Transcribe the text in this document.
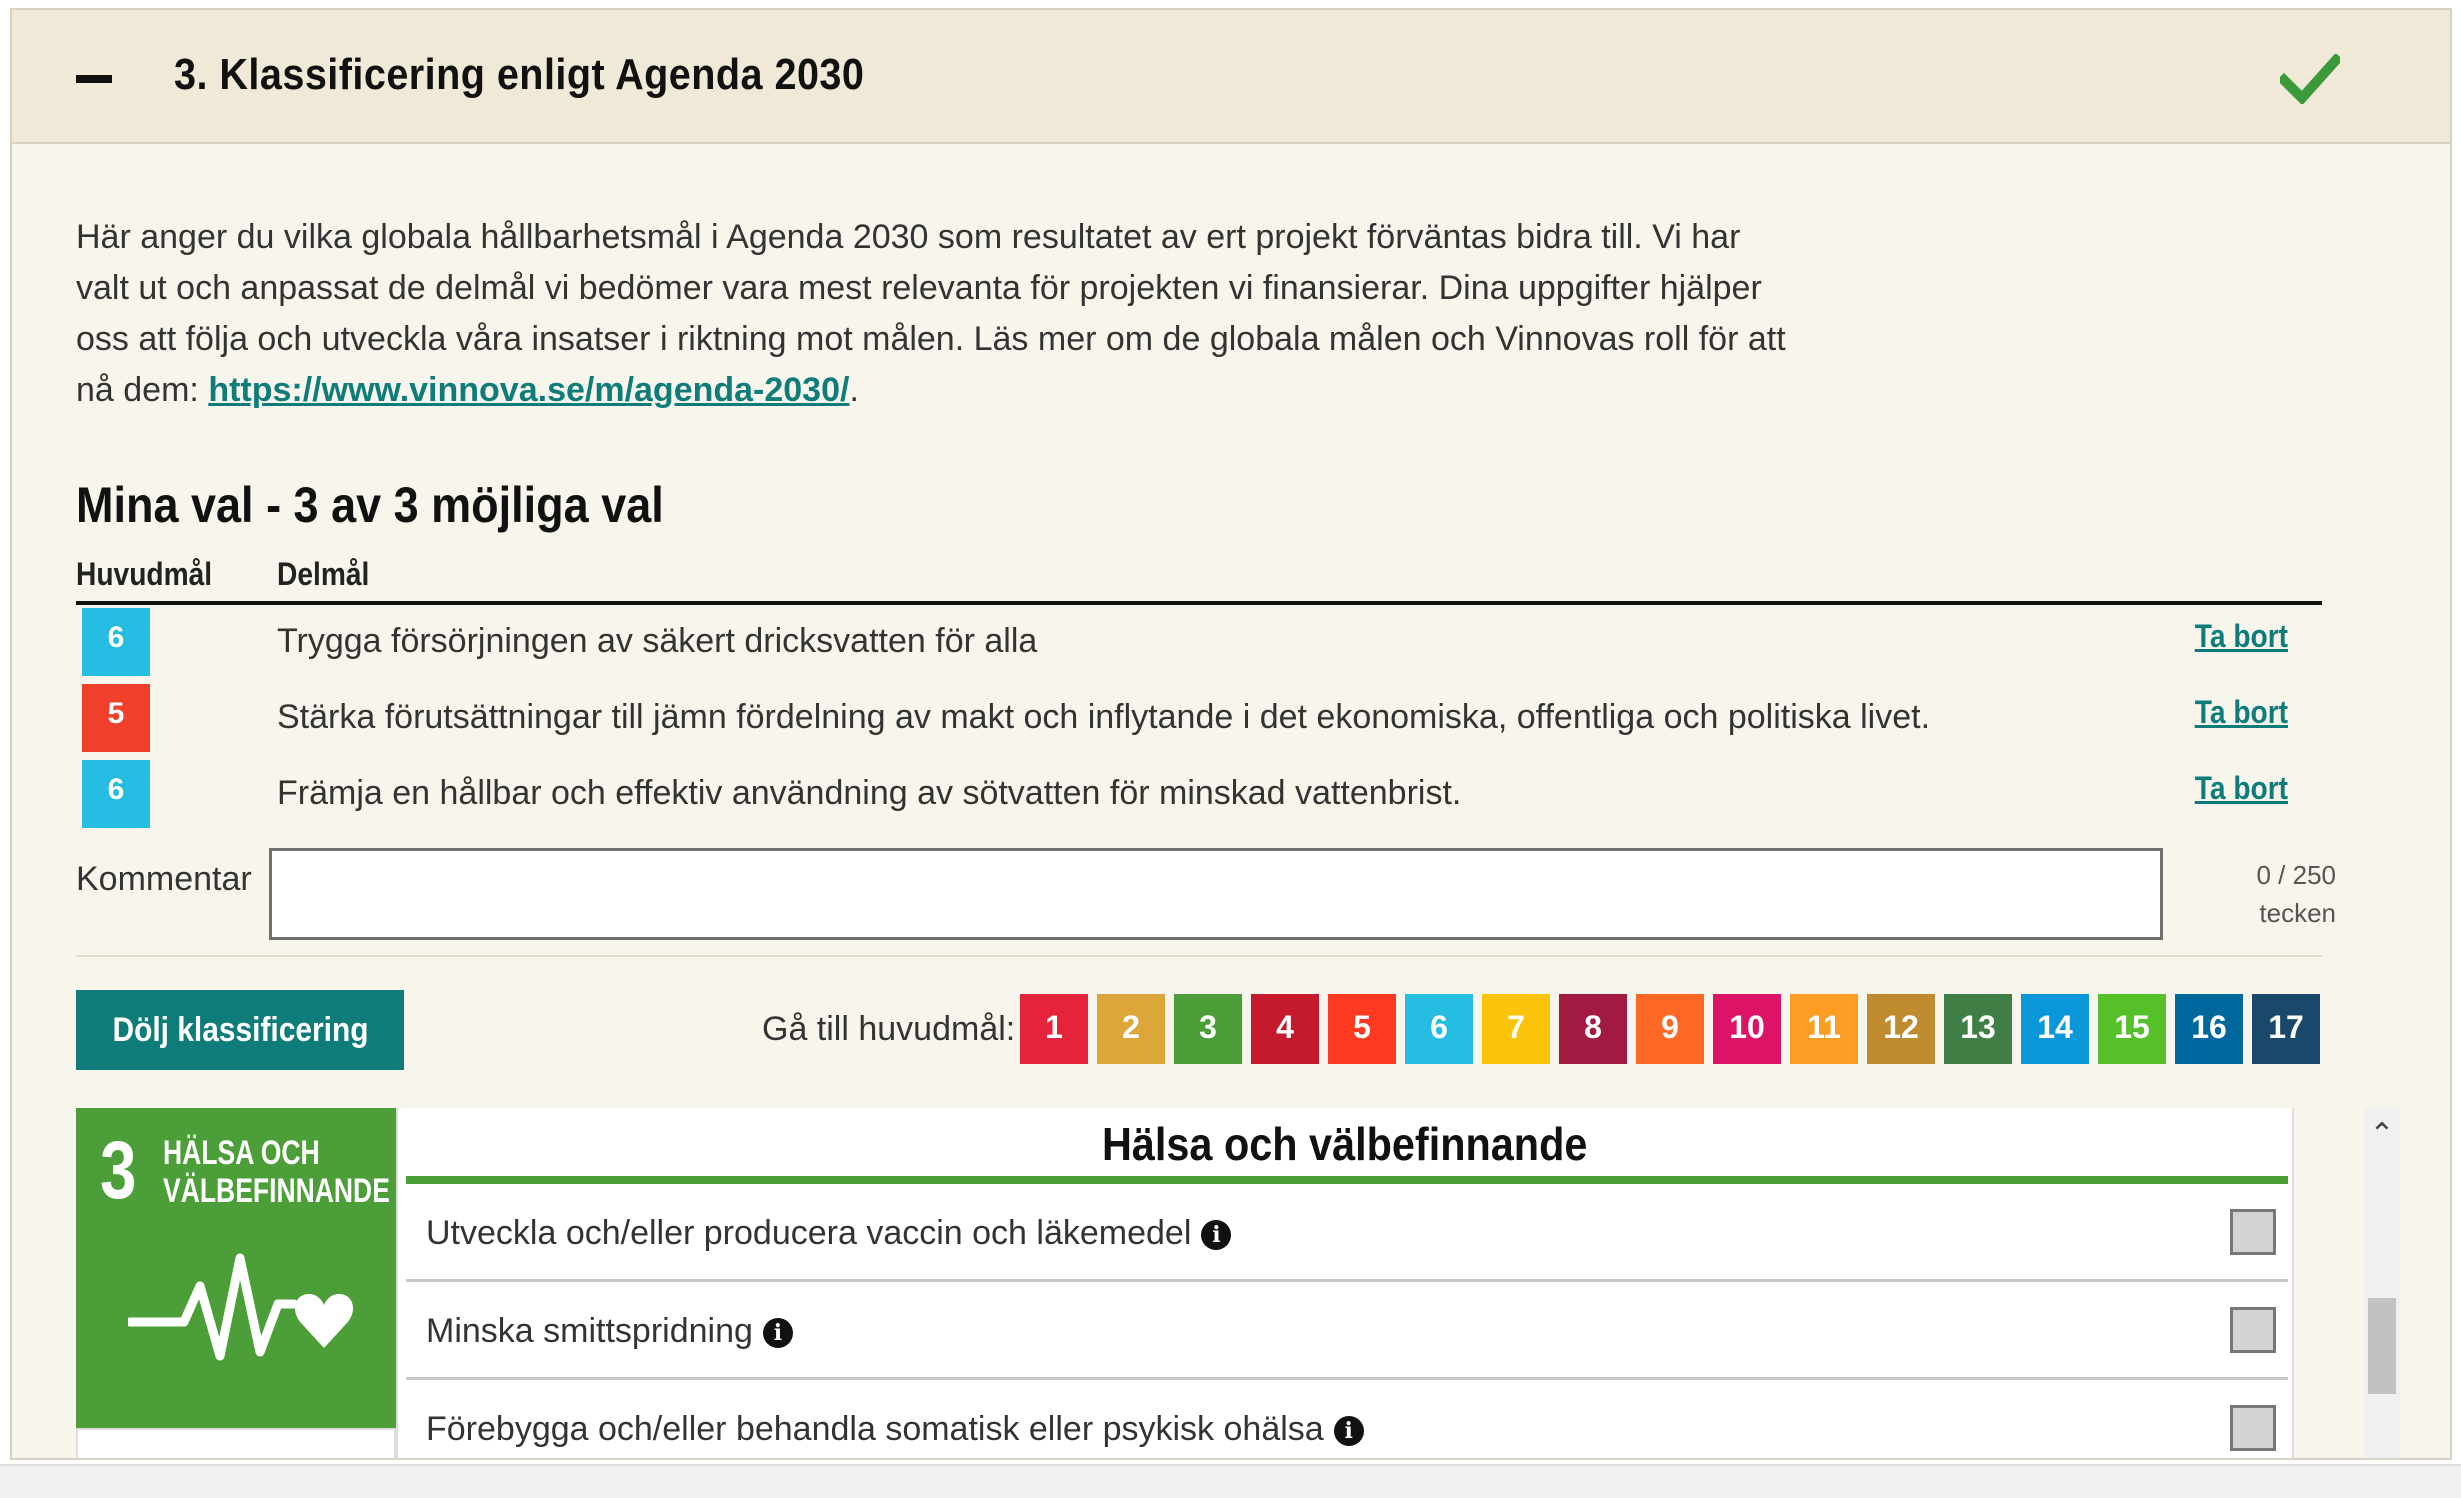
3. Klassificering enligt Agenda 2030

Här anger du vilka globala hållbarhetsmål i Agenda 2030 som resultatet av ert projekt förväntas bidra till. Vi har valt ut och anpassat de delmål vi bedömer vara mest relevanta för projekten vi finansierar. Dina uppgifter hjälper oss att följa och utveckla våra insatser i riktning mot målen. Läs mer om de globala målen och Vinnovas roll för att nå dem: https://www.vinnova.se/m/agenda-2030/.

Mina val - 3 av 3 möjliga val
Huvudmål Delmål
6	Trygga försörjningen av säkert dricksvatten för alla	Ta bort
5	Stärka förutsättningar till jämn fördelning av makt och inflytande i det ekonomiska, offentliga och politiska livet.	Ta bort
6	Främja en hållbar och effektiv användning av sötvatten för minskad vattenbrist.	Ta bort
Kommentar	0 / 250
tecken
Dölj klassificering	Gå till huvudmål: 1	2	3	4	5	6	7	8	9	10	11	12	13	14	15	16	17
3 HÄLSA OCH
VÄLBEFINNANDE
Hälsa och välbefinnande
Utveckla och/eller producera vaccin och läkemedel i
Minska smittspridning i
Förebygga och/eller behandla somatisk eller psykisk ohälsa i
⌃
